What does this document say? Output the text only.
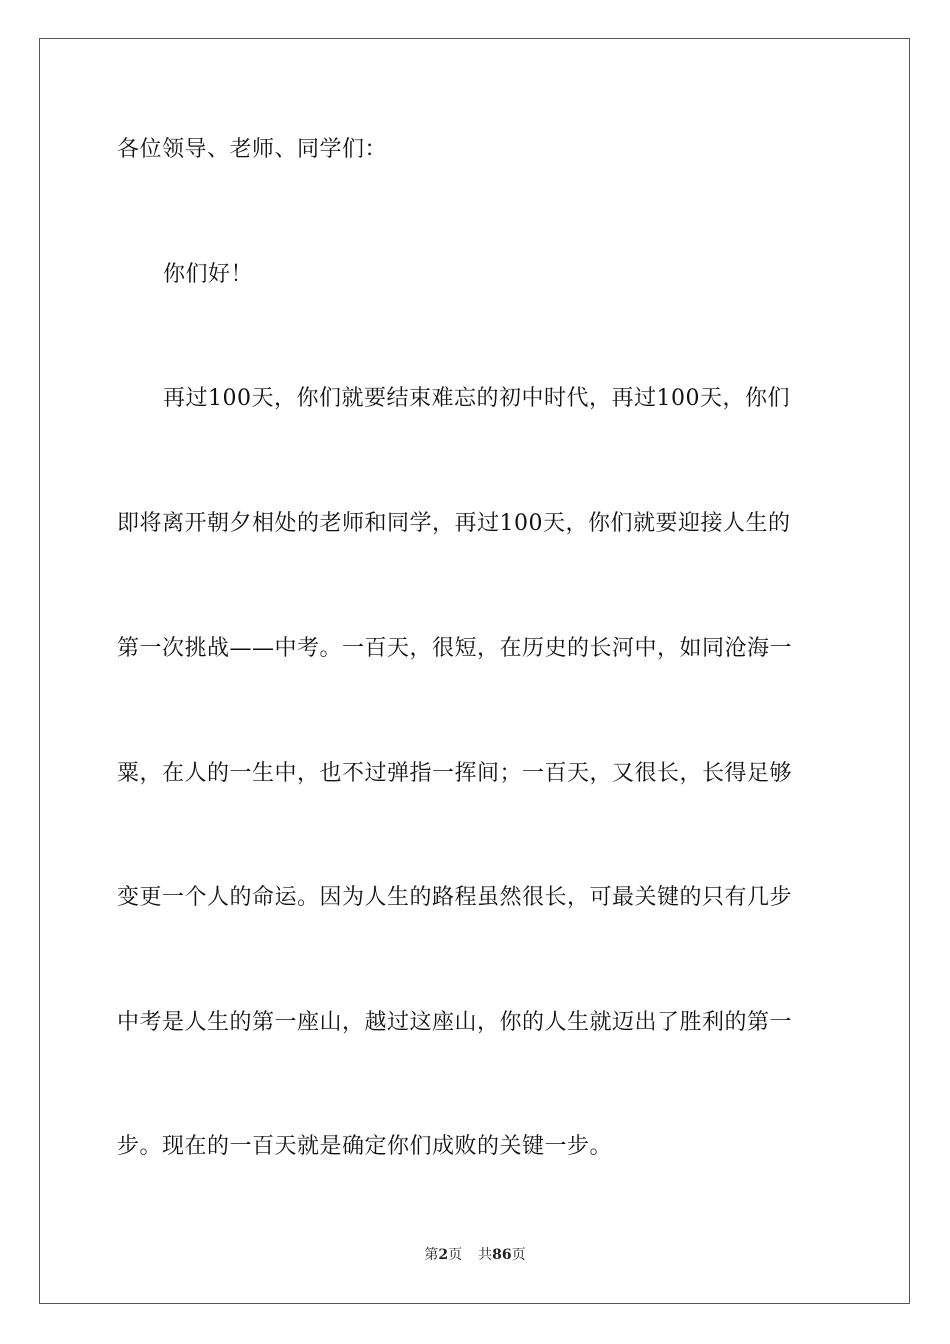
各位领导、老师、同学们：
你们好！
再过100天，你们就要结束难忘的初中时代，再过100天，你们
即将离开朝夕相处的老师和同学，再过100天，你们就要迎接人生的
第一次挑战——中考。一百天，很短，在历史的长河中，如同沧海一
粟，在人的一生中，也不过弹指一挥间；一百天，又很长，长得足够
变更一个人的命运。因为人生的路程虽然很长，可最关键的只有几步
中考是人生的第一座山，越过这座山，你的人生就迈出了胜利的第一
步。现在的一百天就是确定你们成败的关键一步。
第2页 共86页
